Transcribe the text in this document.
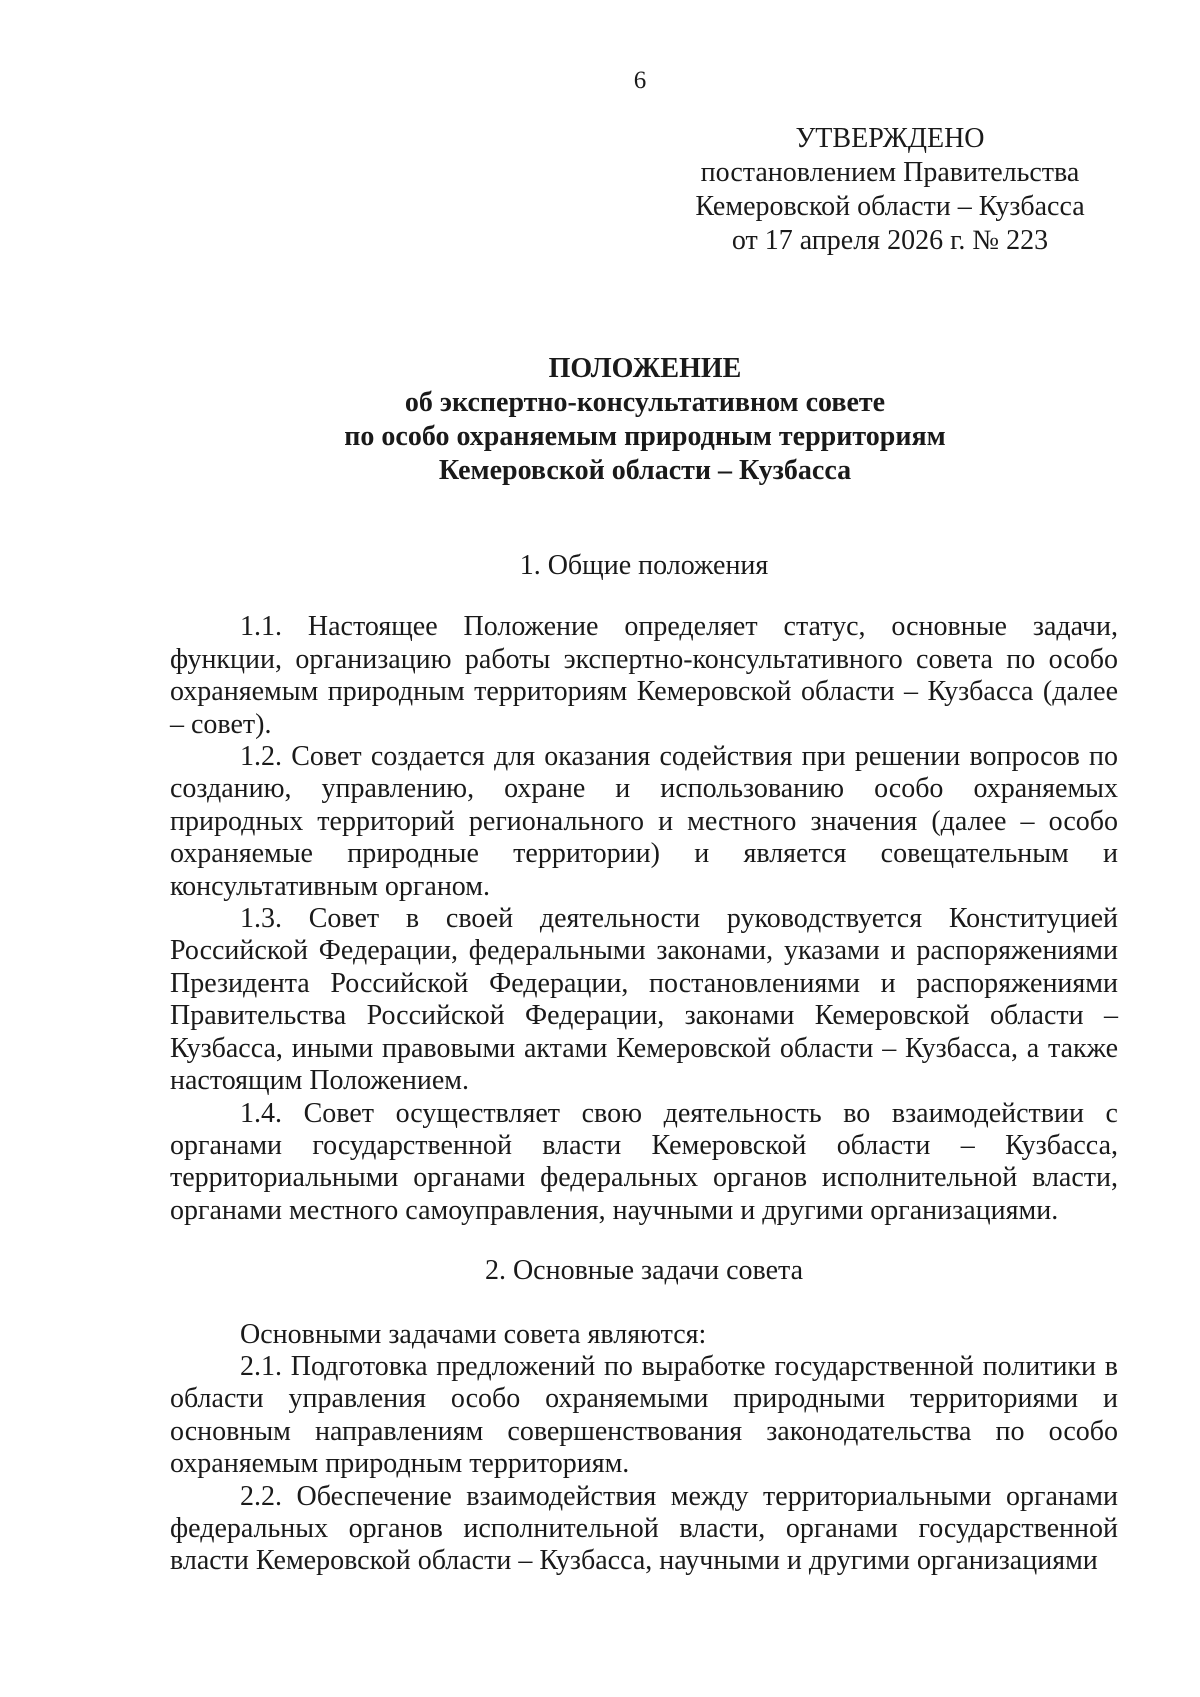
6
УТВЕРЖДЕНО
постановлением Правительства
Кемеровской области – Кузбасса
от 17 апреля 2026 г. № 223
ПОЛОЖЕНИЕ
об экспертно-консультативном совете
по особо охраняемым природным территориям
Кемеровской области – Кузбасса

1. Общие положения

1.1. Настоящее Положение определяет статус, основные задачи, функции, организацию работы экспертно-консультативного совета по особо охраняемым природным территориям Кемеровской области – Кузбасса (далее – совет).

1.2. Совет создается для оказания содействия при решении вопросов по созданию, управлению, охране и использованию особо охраняемых природных территорий регионального и местного значения (далее – особо охраняемые природные территории) и является совещательным и консультативным органом.

1.3. Совет в своей деятельности руководствуется Конституцией Российской Федерации, федеральными законами, указами и распоряжениями Президента Российской Федерации, постановлениями и распоряжениями Правительства Российской Федерации, законами Кемеровской области – Кузбасса, иными правовыми актами Кемеровской области – Кузбасса, а также настоящим Положением.

1.4. Совет осуществляет свою деятельность во взаимодействии с органами государственной власти Кемеровской области – Кузбасса, территориальными органами федеральных органов исполнительной власти, органами местного самоуправления, научными и другими организациями.

2. Основные задачи совета

Основными задачами совета являются:

2.1. Подготовка предложений по выработке государственной политики в области управления особо охраняемыми природными территориями и основным направлениям совершенствования законодательства по особо охраняемым природным территориям.

2.2. Обеспечение взаимодействия между территориальными органами федеральных органов исполнительной власти, органами государственной власти Кемеровской области – Кузбасса, научными и другими организациями
